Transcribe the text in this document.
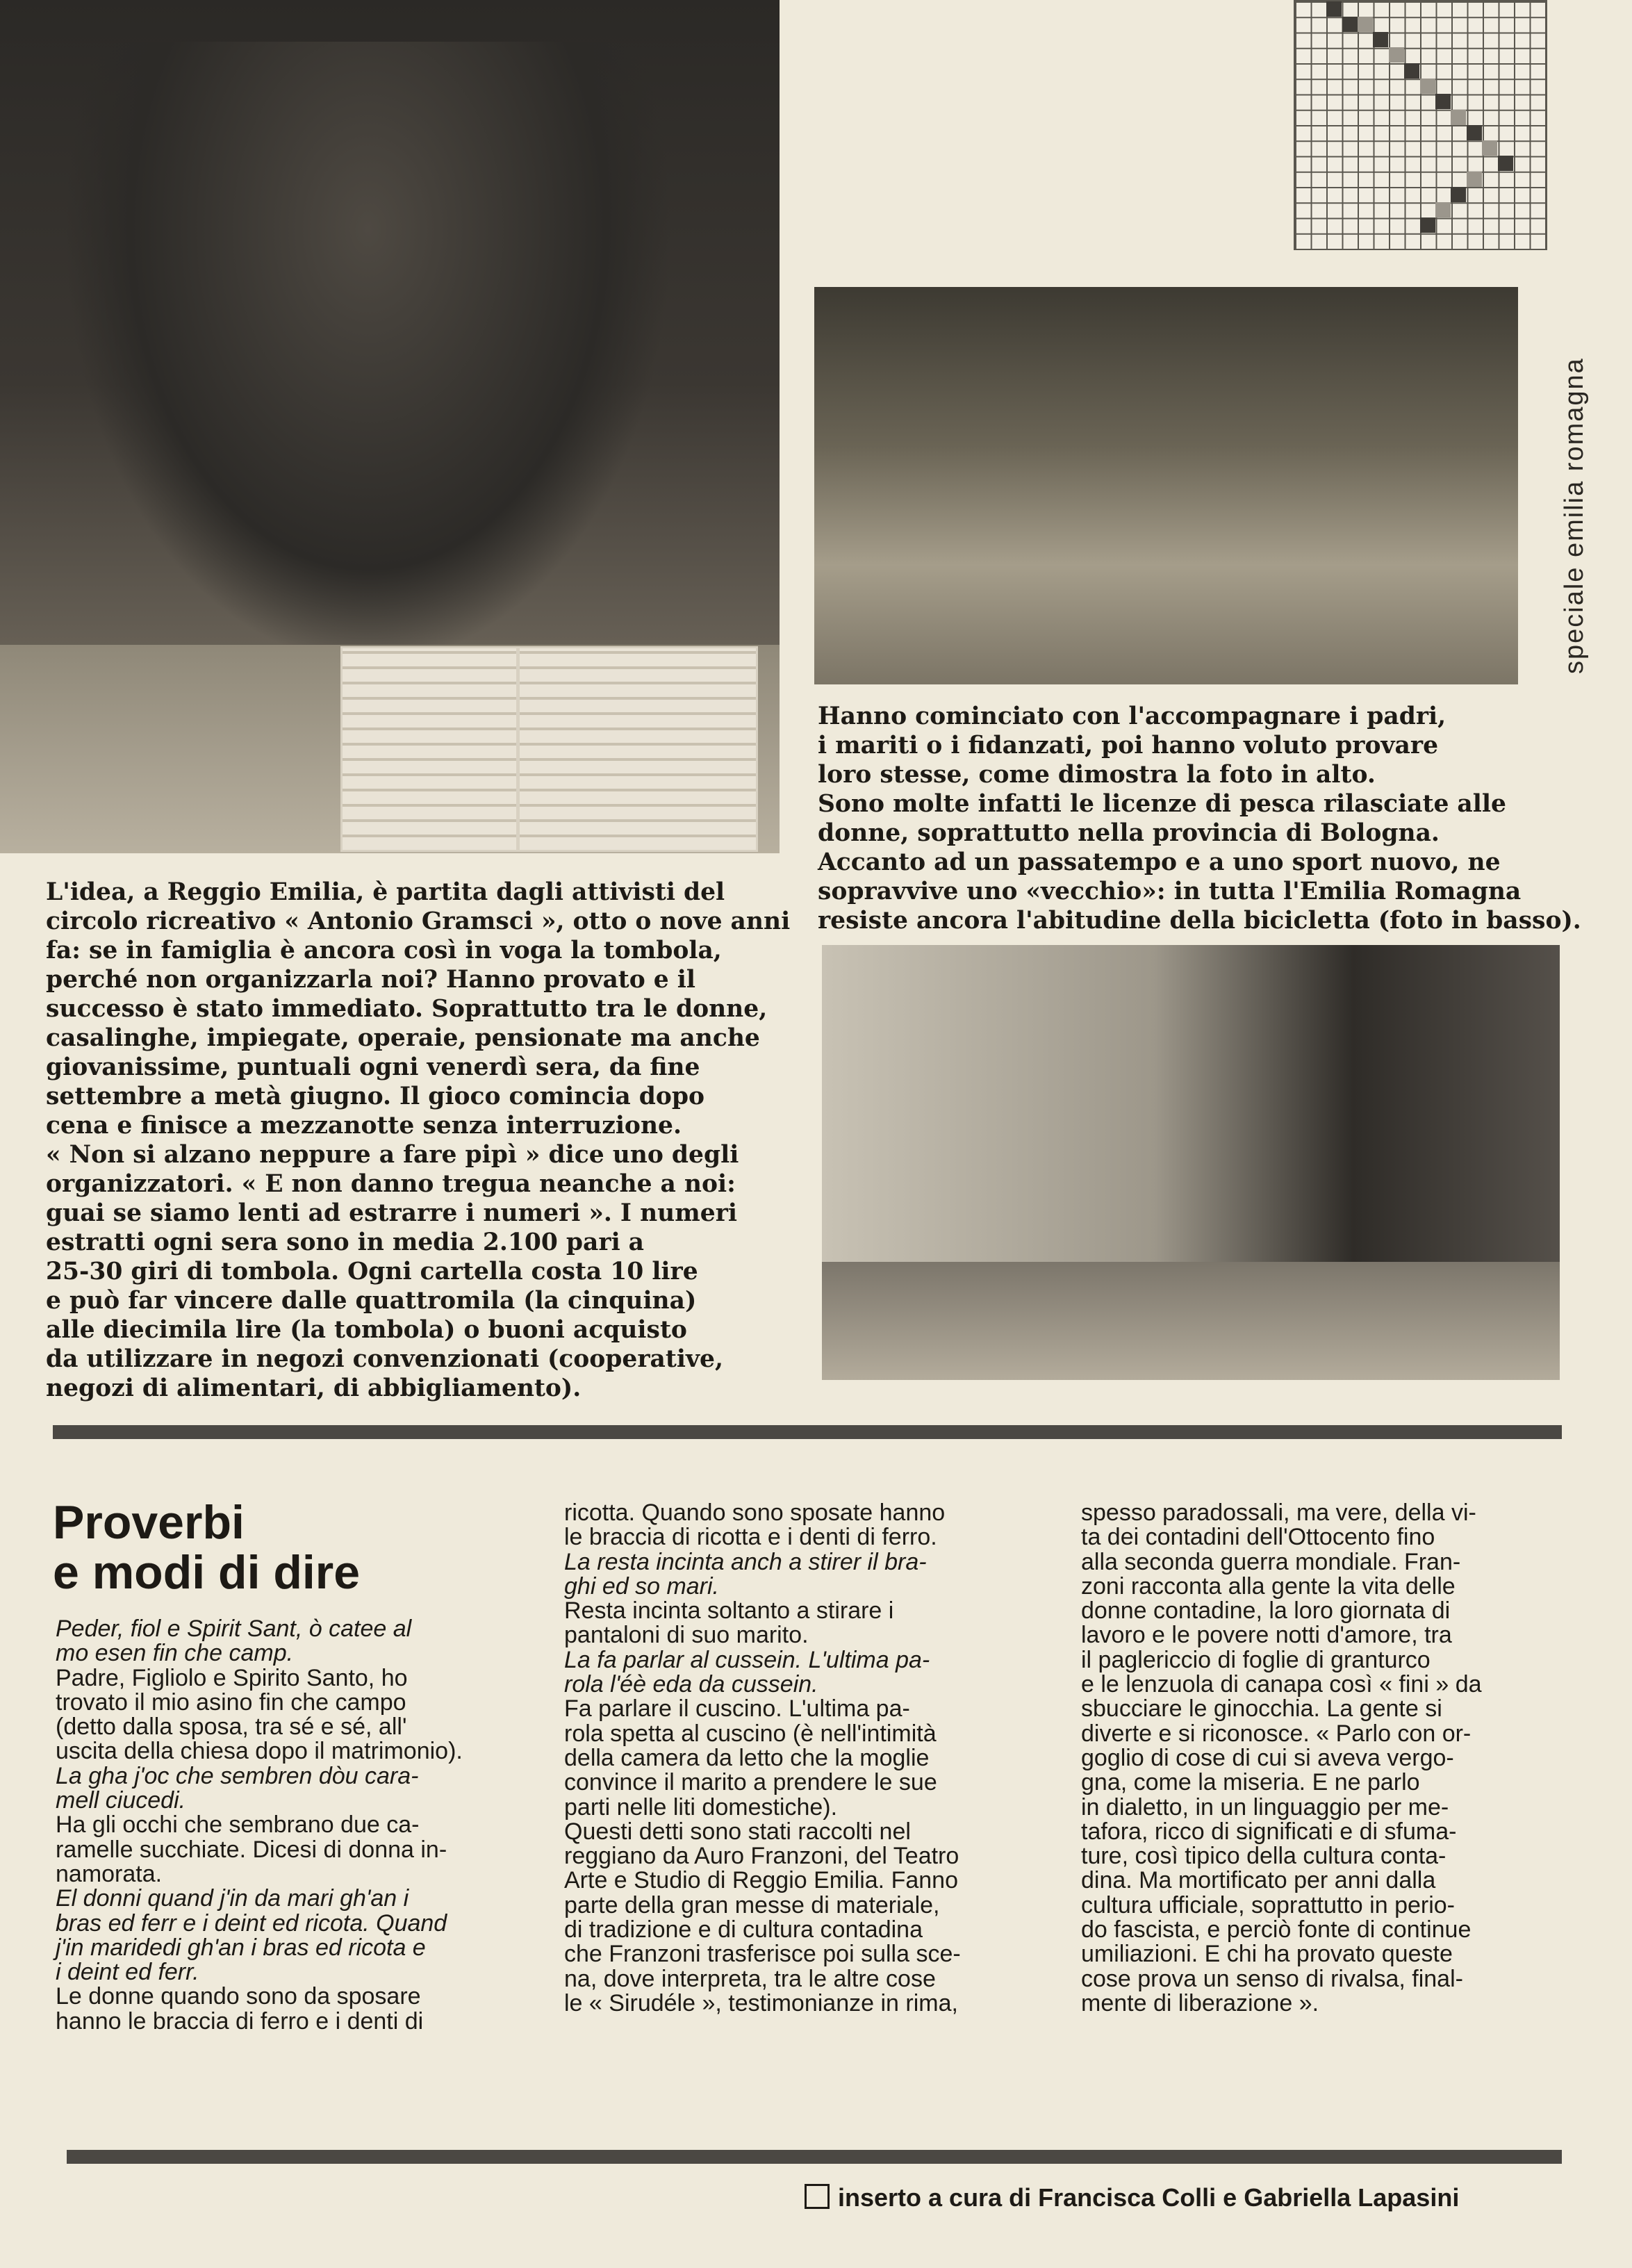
speciale emilia romagna

Hanno cominciato con l'accompagnare i padri,

i mariti o i fidanzati, poi hanno voluto provare

loro stesse, come dimostra la foto in alto.

Sono molte infatti le licenze di pesca rilasciate alle

donne, soprattutto nella provincia di Bologna.

Accanto ad un passatempo e a uno sport nuovo, ne

sopravvive uno «vecchio»: in tutta l'Emilia Romagna

resiste ancora l'abitudine della bicicletta (foto in basso).

L'idea, a Reggio Emilia, è partita dagli attivisti del

circolo ricreativo « Antonio Gramsci », otto o nove anni

fa: se in famiglia è ancora così in voga la tombola,

perché non organizzarla noi? Hanno provato e il

successo è stato immediato. Soprattutto tra le donne,

casalinghe, impiegate, operaie, pensionate ma anche

giovanissime, puntuali ogni venerdì sera, da fine

settembre a metà giugno. Il gioco comincia dopo

cena e finisce a mezzanotte senza interruzione.

« Non si alzano neppure a fare pipì » dice uno degli

organizzatori. « E non danno tregua neanche a noi:

guai se siamo lenti ad estrarre i numeri ». I numeri

estratti ogni sera sono in media 2.100 pari a

25-30 giri di tombola. Ogni cartella costa 10 lire

e può far vincere dalle quattromila (la cinquina)

alle diecimila lire (la tombola) o buoni acquisto

da utilizzare in negozi convenzionati (cooperative,

negozi di alimentari, di abbigliamento).

Proverbi
e modi di dire

Peder, fiol e Spirit Sant, ò catee al

mo esen fin che camp.

Padre, Figliolo e Spirito Santo, ho

trovato il mio asino fin che campo

(detto dalla sposa, tra sé e sé, all'

uscita della chiesa dopo il matrimonio).

La gha j'oc che sembren dòu cara-

mell ciucedi.

Ha gli occhi che sembrano due ca-

ramelle succhiate. Dicesi di donna in-

namorata.

El donni quand j'in da mari gh'an i

bras ed ferr e i deint ed ricota. Quand

j'in maridedi gh'an i bras ed ricota e

i deint ed ferr.

Le donne quando sono da sposare

hanno le braccia di ferro e i denti di

ricotta. Quando sono sposate hanno

le braccia di ricotta e i denti di ferro.

La resta incinta anch a stirer il bra-

ghi ed so mari.

Resta incinta soltanto a stirare i

pantaloni di suo marito.

La fa parlar al cussein. L'ultima pa-

rola l'éè eda da cussein.

Fa parlare il cuscino. L'ultima pa-

rola spetta al cuscino (è nell'intimità

della camera da letto che la moglie

convince il marito a prendere le sue

parti nelle liti domestiche).

Questi detti sono stati raccolti nel

reggiano da Auro Franzoni, del Teatro

Arte e Studio di Reggio Emilia. Fanno

parte della gran messe di materiale,

di tradizione e di cultura contadina

che Franzoni trasferisce poi sulla sce-

na, dove interpreta, tra le altre cose

le « Sirudéle », testimonianze in rima,

spesso paradossali, ma vere, della vi-

ta dei contadini dell'Ottocento fino

alla seconda guerra mondiale. Fran-

zoni racconta alla gente la vita delle

donne contadine, la loro giornata di

lavoro e le povere notti d'amore, tra

il paglericcio di foglie di granturco

e le lenzuola di canapa così « fini » da

sbucciare le ginocchia. La gente si

diverte e si riconosce. « Parlo con or-

goglio di cose di cui si aveva vergo-

gna, come la miseria. E ne parlo

in dialetto, in un linguaggio per me-

tafora, ricco di significati e di sfuma-

ture, così tipico della cultura conta-

dina. Ma mortificato per anni dalla

cultura ufficiale, soprattutto in perio-

do fascista, e perciò fonte di continue

umiliazioni. E chi ha provato queste

cose prova un senso di rivalsa, final-

mente di liberazione ».

inserto a cura di Francisca Colli e Gabriella Lapasini
